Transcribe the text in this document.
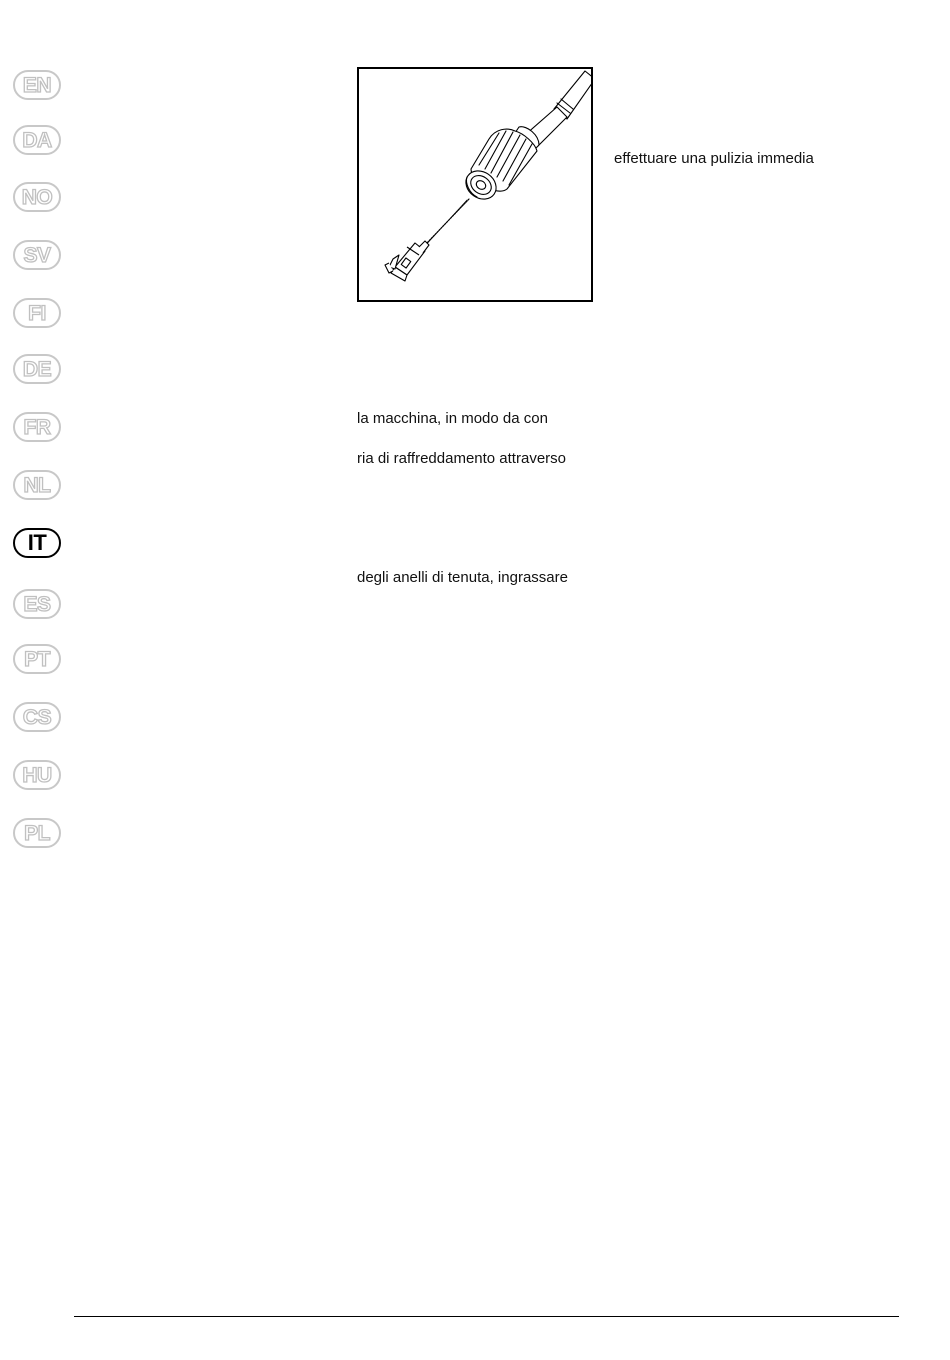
EN
DA
NO
SV
FI
DE
FR
NL
IT
ES
PT
CS
HU
PL
effettuare una pulizia immedia
la macchina, in modo da con
ria di raffreddamento attraverso
degli anelli di tenuta, ingrassare
